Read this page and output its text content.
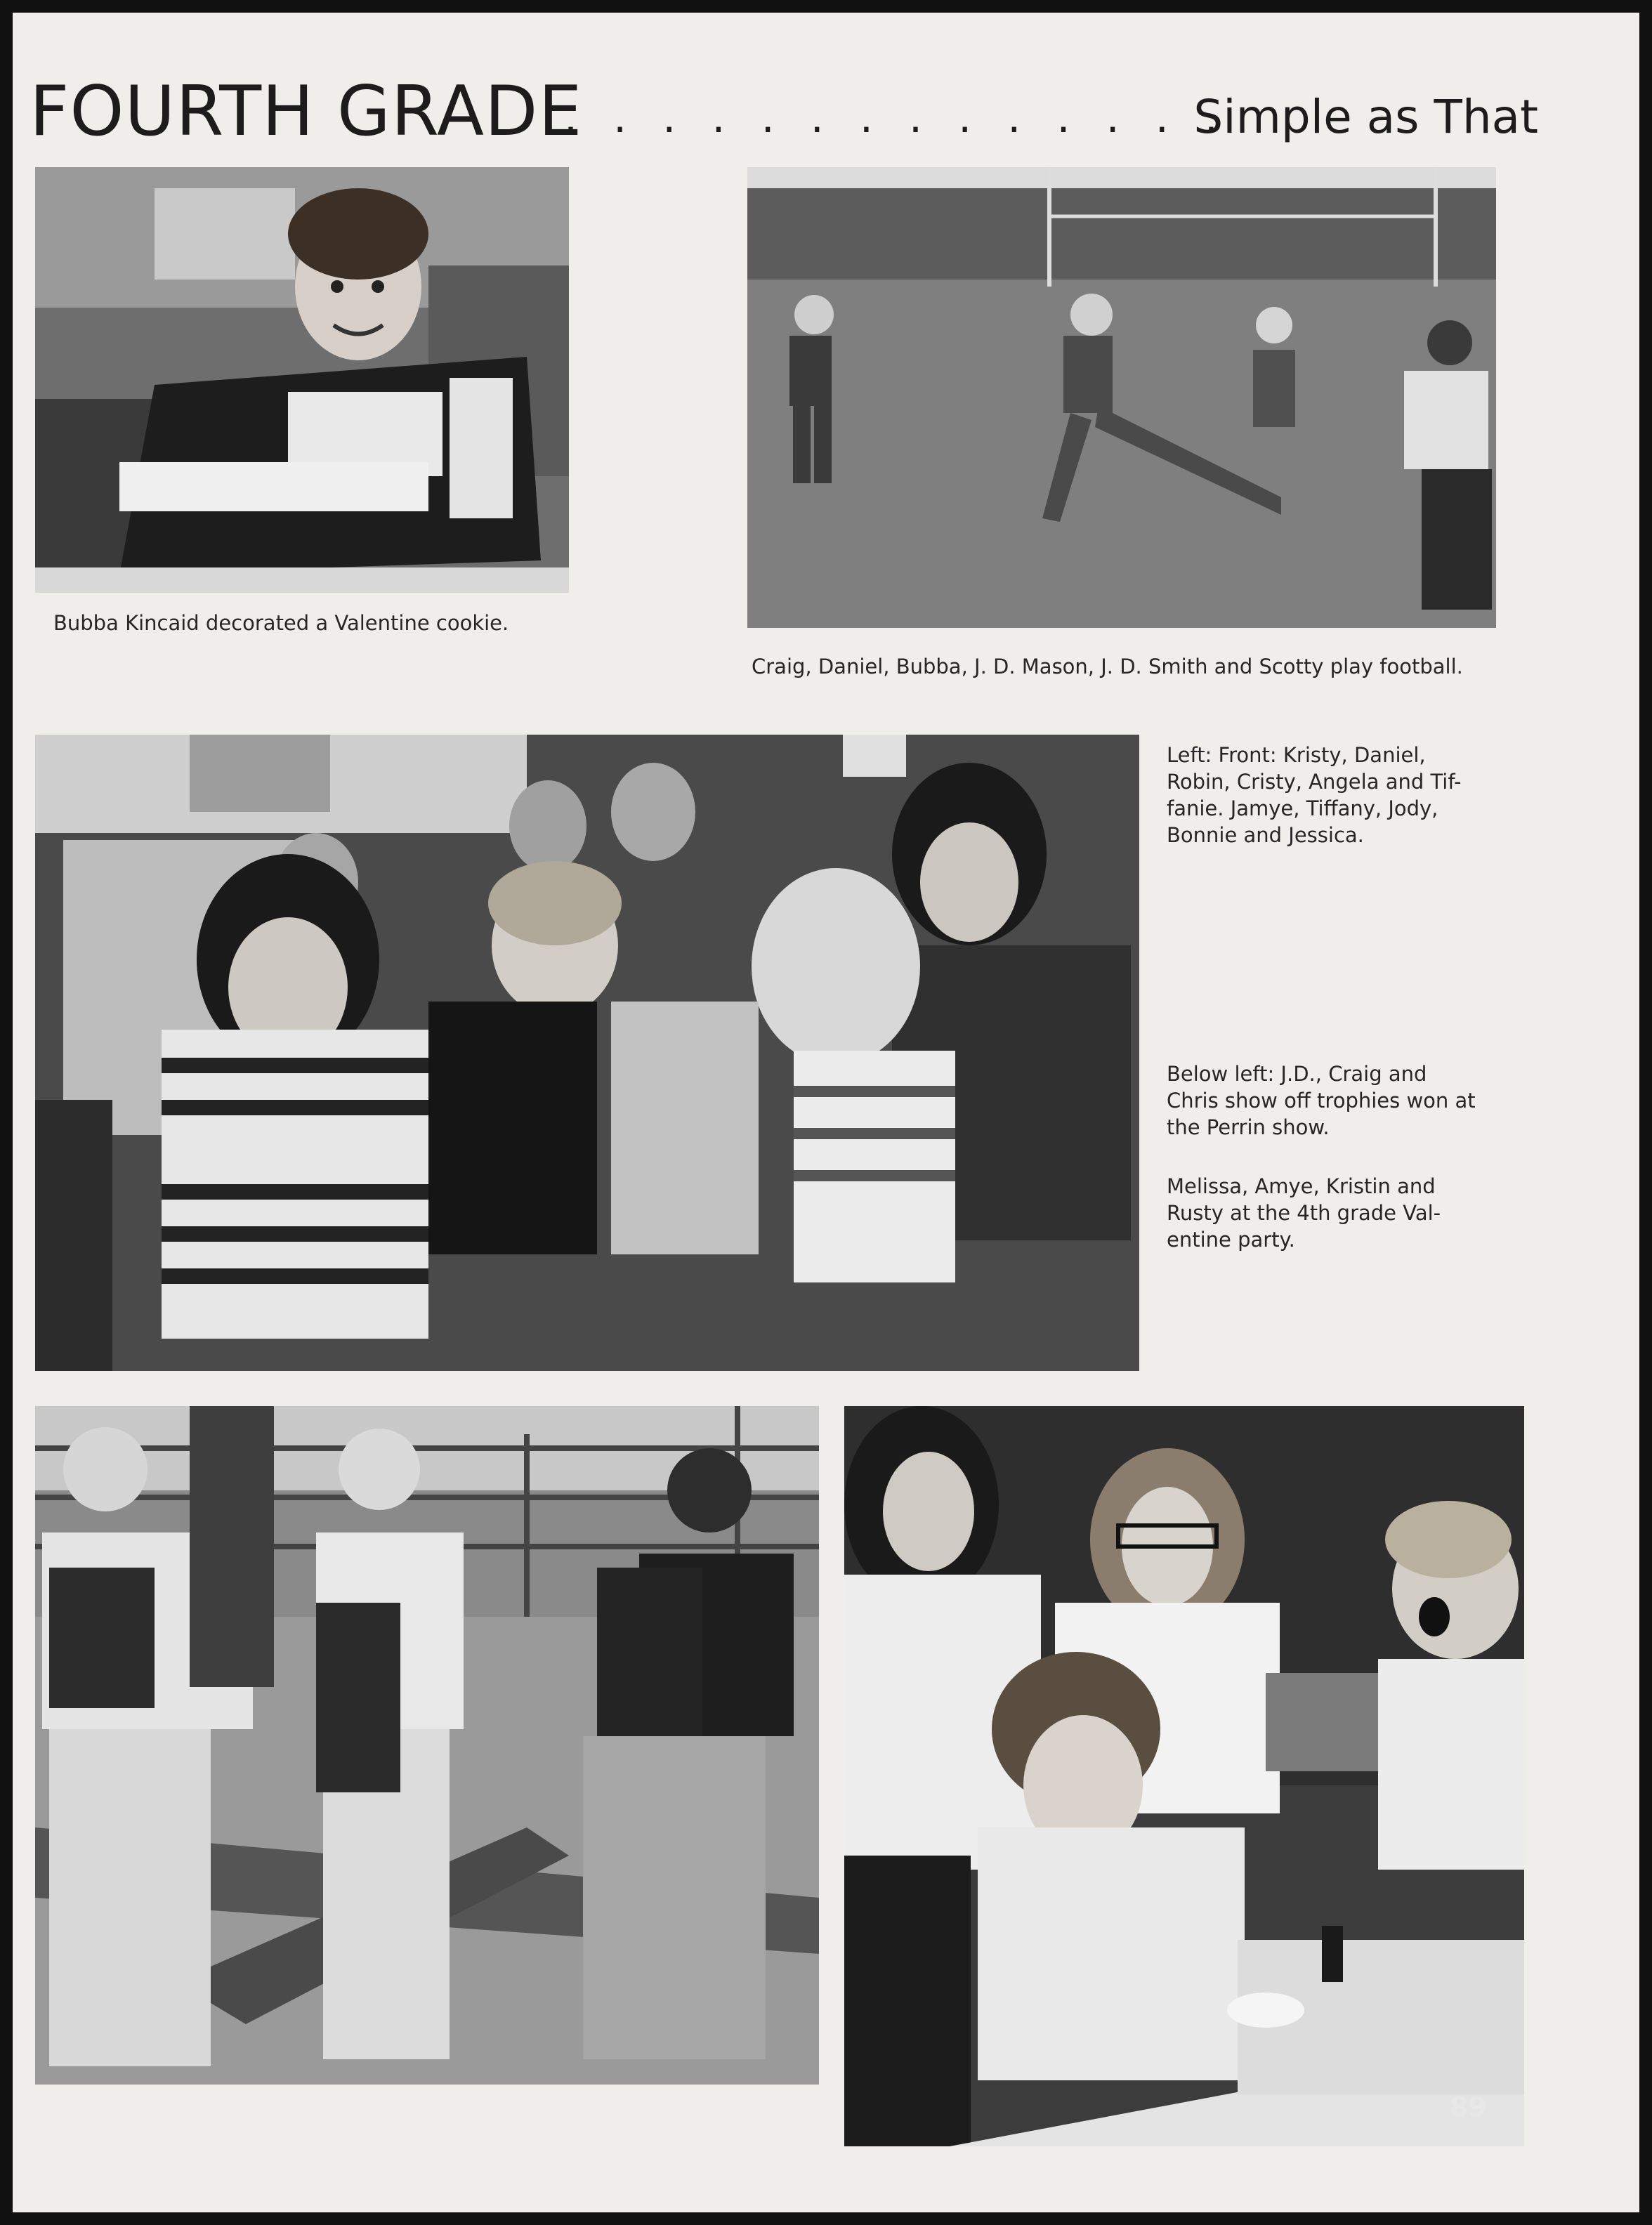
FOURTH GRADE
. . . . . . . . . . . . . .
Simple as That

Bubba Kincaid decorated a Valentine cookie.

Craig, Daniel, Bubba, J. D. Mason, J. D. Smith and Scotty play football.

Left: Front: Kristy, Daniel,
Robin, Cristy, Angela and Tif-
fanie. Jamye, Tiffany, Jody,
Bonnie and Jessica.
Below left: J.D., Craig and
Chris show off trophies won at
the Perrin show.
Melissa, Amye, Kristin and
Rusty at the 4th grade Val-
entine party.
89
